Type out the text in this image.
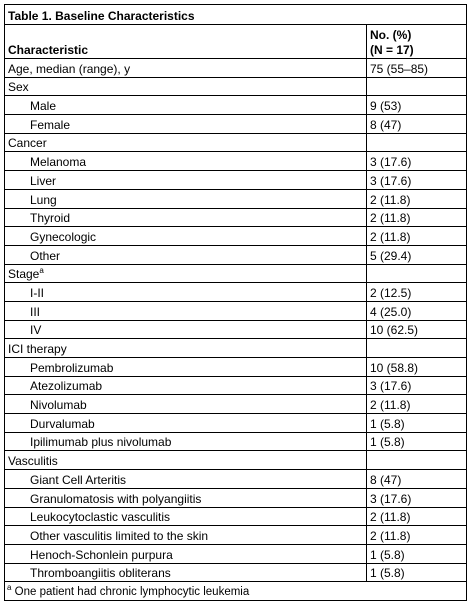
Table 1. Baseline Characteristics	
Characteristic	No. (%)
(N = 17)
Age, median (range), y	75 (55–85)
Sex	
Male	9 (53)
Female	8 (47)
Cancer	
Melanoma	3 (17.6)
Liver	3 (17.6)
Lung	2 (11.8)
Thyroid	2 (11.8)
Gynecologic	2 (11.8)
Other	5 (29.4)
Stage$^a$	
I-II	2 (12.5)
III	4 (25.0)
IV	10 (62.5)
ICI therapy	
Pembrolizumab	10 (58.8)
Atezolizumab	3 (17.6)
Nivolumab	2 (11.8)
Durvalumab	1 (5.8)
Ipilimumab plus nivolumab	1 (5.8)
Vasculitis	
Giant Cell Arteritis	8 (47)
Granulomatosis with polyangiitis	3 (17.6)
Leukocytoclastic vasculitis	2 (11.8)
Other vasculitis limited to the skin	2 (11.8)
Henoch-Schonlein purpura	1 (5.8)
Thromboangiitis obliterans	1 (5.8)
$^a$ One patient had chronic lymphocytic leukemia	
